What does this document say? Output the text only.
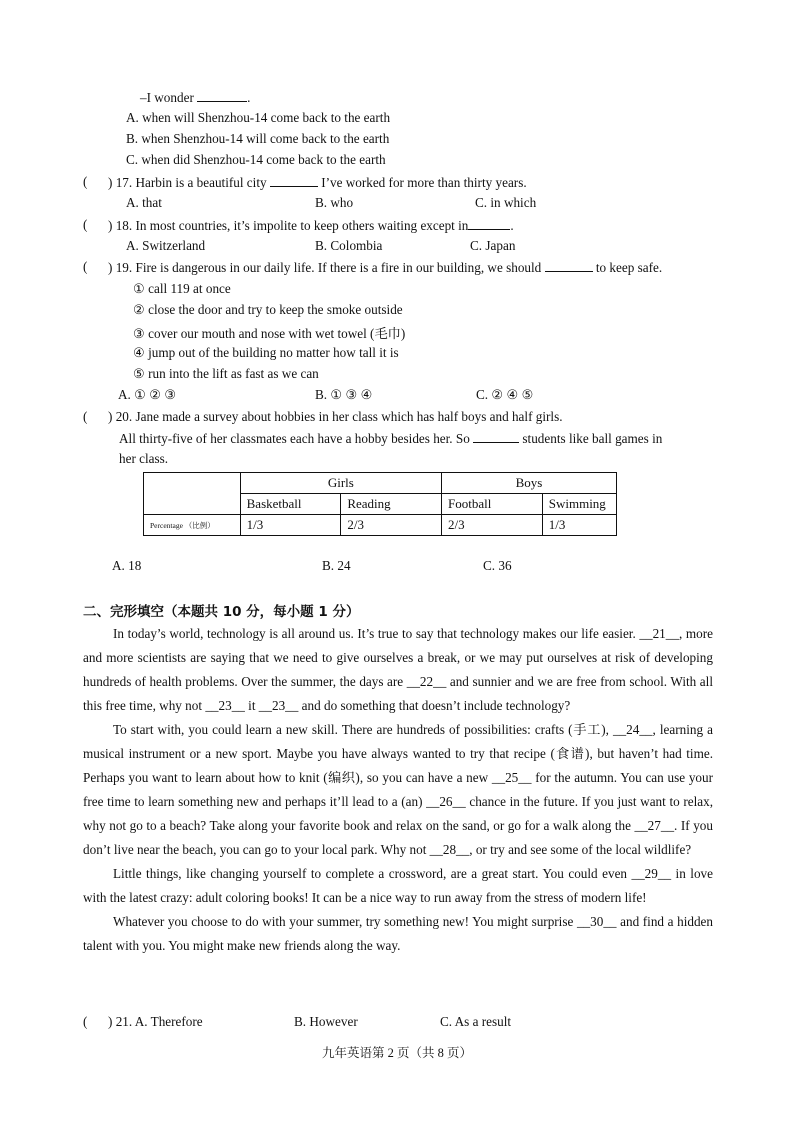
–I wonder	.
A. when will Shenzhou-14 come back to the earth
B. when Shenzhou-14 will come back to the earth
C. when did Shenzhou-14 come back to the earth
( ) 17. Harbin is a beautiful city	I’ve worked for more than thirty years.
A. that	B. who	C. in which
( ) 18. In most countries, it’s impolite to keep others waiting except in	.
A. Switzerland	B. Colombia	C. Japan
( ) 19. Fire is dangerous in our daily life. If there is a fire in our building, we should	to keep safe.
① call 119 at once
② close the door and try to keep the smoke outside
③ cover our mouth and nose with wet towel (毛巾)
④ jump out of the building no matter how tall it is
⑤ run into the lift as fast as we can
A. ① ② ③	B. ① ③ ④	C. ② ④ ⑤
( ) 20. Jane made a survey about hobbies in her class which has half boys and half girls.
All thirty-five of her classmates each have a hobby besides her. So	students like ball games in
her class.
	Girls		Boys	
	Basketball	Reading	Football	Swimming
Percentage （比例）	1/3	2/3	2/3	1/3
A. 18	B. 24	C. 36
二、完形填空（本题共 10 分，每小题 1 分）

In today’s world, technology is all around us. It’s true to say that technology makes our life easier. __21__, more and more scientists are saying that we need to give ourselves a break, or we may put ourselves at risk of developing hundreds of health problems. Over the summer, the days are __22__ and sunnier and we are free from school. With all this free time, why not __23__ it __23__ and do something that doesn’t include technology?

To start with, you could learn a new skill. There are hundreds of possibilities: crafts (手工), __24__, learning a musical instrument or a new sport. Maybe you have always wanted to try that recipe (食谱), but haven’t had time. Perhaps you want to learn about how to knit (编织), so you can have a new __25__ for the autumn. You can use your free time to learn something new and perhaps it’ll lead to a (an) __26__ chance in the future. If you just want to relax, why not go to a beach? Take along your favorite book and relax on the sand, or go for a walk along the __27__. If you don’t live near the beach, you can go to your local park. Why not __28__, or try and see some of the local wildlife?

Little things, like changing yourself to complete a crossword, are a great start. You could even __29__ in love with the latest crazy: adult coloring books! It can be a nice way to run away from the stress of modern life!

Whatever you choose to do with your summer, try something new! You might surprise __30__ and find a hidden talent with you. You might make new friends along the way.

( ) 21. A. Therefore	B. However	C. As a result
九年英语第 2 页（共 8 页）
